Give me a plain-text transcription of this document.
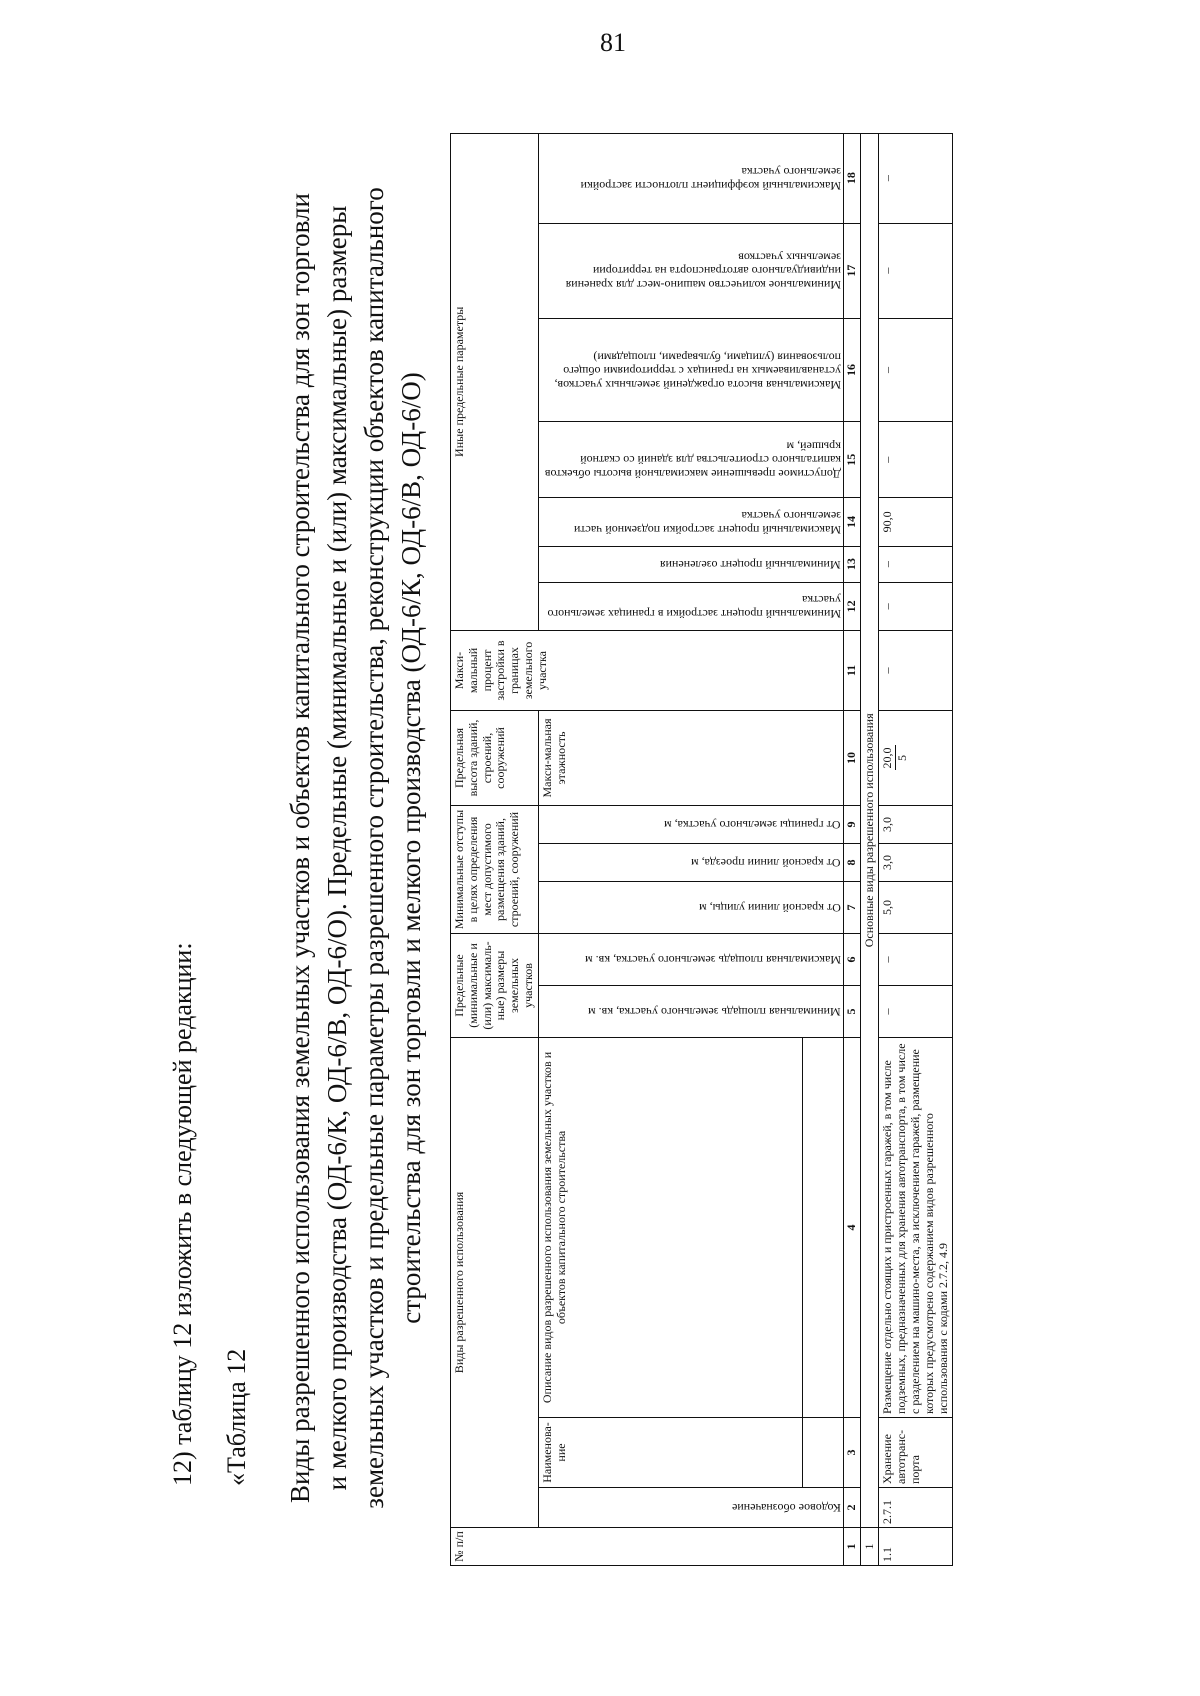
81
12) таблицу 12 изложить в следующей редакции: «Таблица 12 Виды разрешенного использования земельных участков и объектов капитального строительства для зон торговли и мелкого производства (ОД-6/К, ОД-6/В, ОД-6/О). Предельные (минимальные и (или) максимальные) размеры земельных участков и предельные параметры разрешенного строительства, реконструкции объектов капитального строительства для зон торговли и мелкого производства (ОД-6/К, ОД-6/В, ОД-6/О)
№ п/п	Виды разрешенного использования			Предельные (минимальные и (или) максималь-ные) размеры земельных участков		Минимальные отступы в целях определения мест допустимого размещения зданий, строений, сооружений			Предельная высота зданий, строений, сооружений	Макси-мальный процент застройки в границах земельного участка	Иные предельные параметры						

	Кодовое обозначение	Наименова-ние	Описание видов разрешенного использования земельных участков и объектов капитального строительства	Минимальная площадь земельного участка, кв. м	Максимальная площадь земельного участка, кв. м	От красной линии улицы, м	От красной линии проезда, м	От границы земельного участка, м	Макси-мальная этажность		Минимальный процент застройки в границах земельного участка	Минимальный процент озеленения	Максимальный процент застройки подземной части земельного участка	Допустимое превышение максимальной высоты объектов капитального строительства для зданий со скатной крышей, м	Максимальная высота ограждений земельных участков, устанавливаемых на границах с территориями общего пользования (улицами, бульварами, площадями)	Минимальное количество машино-мест для хранения индивидуального автотранспорта на территории земельных участков	Максимальный коэффициент плотности застройки земельного участка

1	2	3	4	5	6	7	8	9	10	11	12	13	14	15	16	17	18
1	Основные виды разрешенного использования																
1.1	2.7.1	Хранение автотранс-порта	Размещение отдельно стоящих и пристроенных гаражей, в том числе подземных, предназначенных для хранения автотранспорта, в том числе с разделением на машино-места, за исключением гаражей, размещение которых предусмотрено содержанием видов разрешенного использования с кодами 2.7.2, 4.9	–	–	5,0	3,0	3,0	20,0 5	–	–	–	90,0	–	–	–	–
